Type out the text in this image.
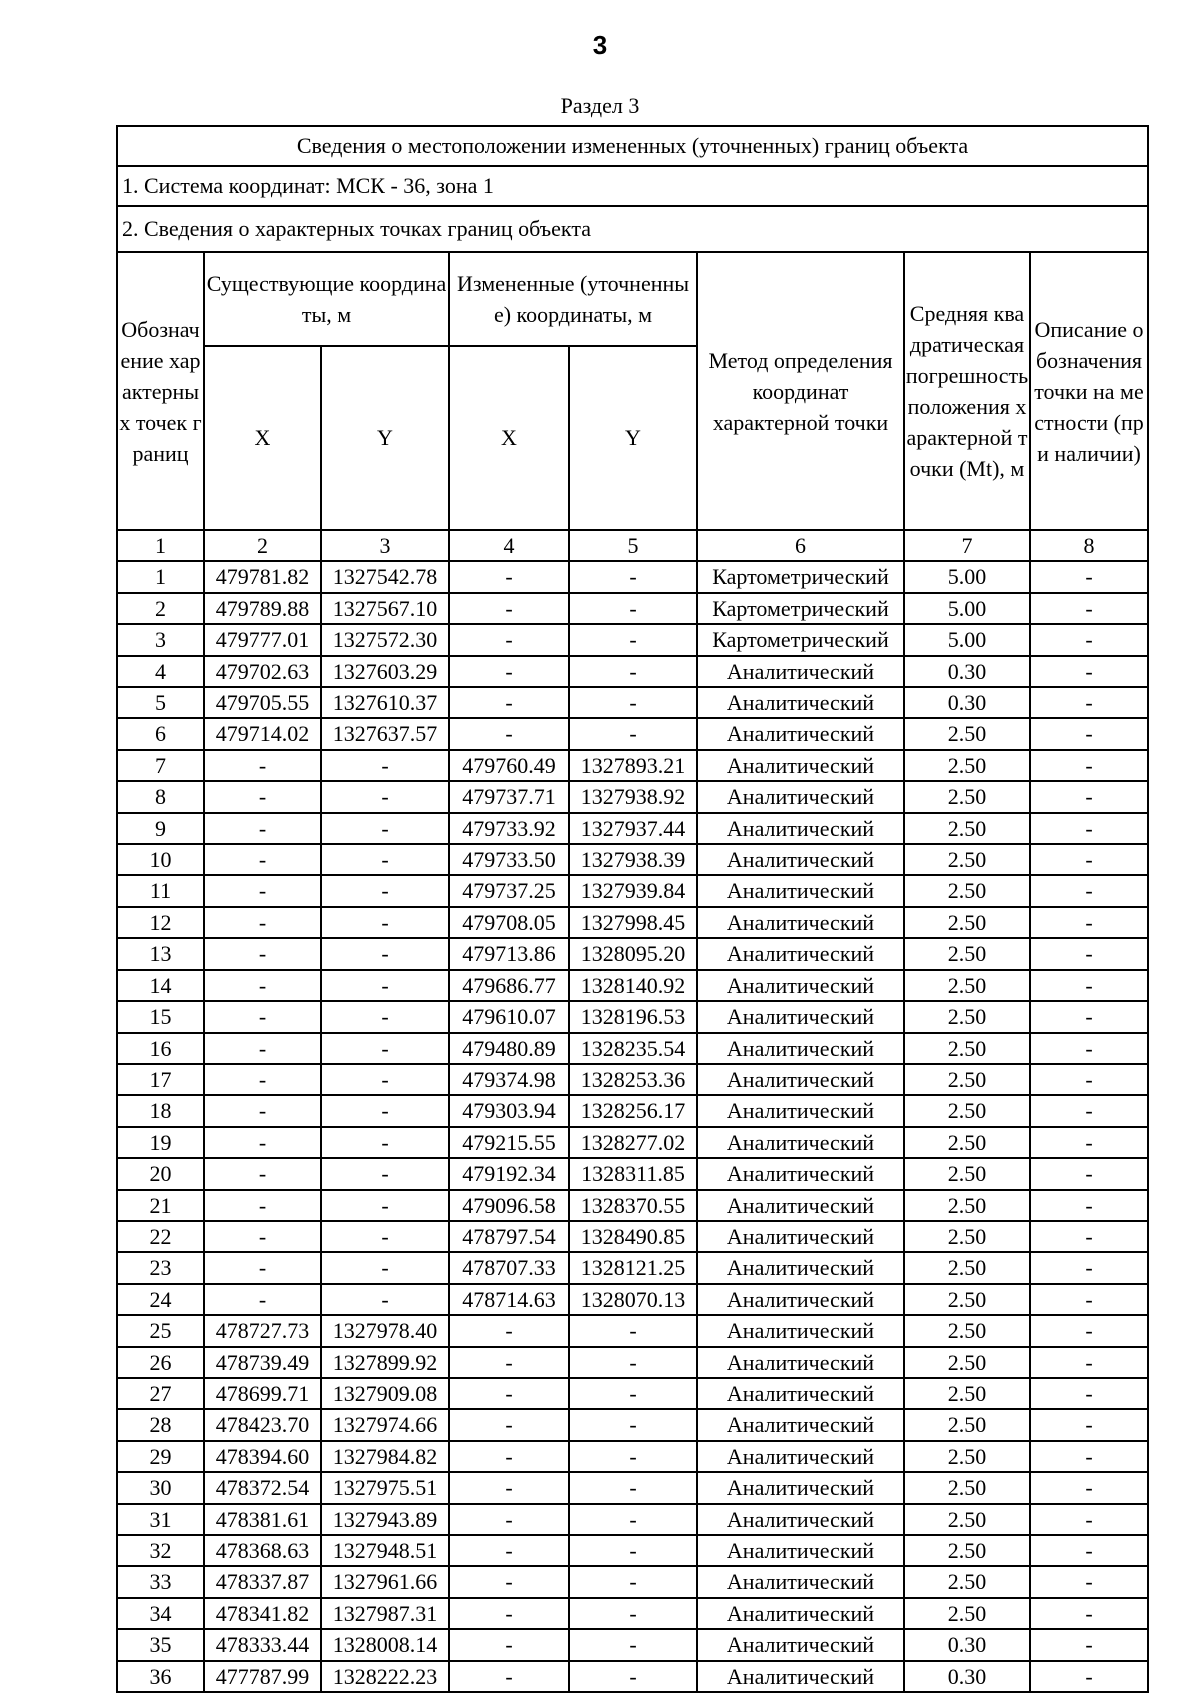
3
Раздел 3
Сведения о местоположении измененных (уточненных) границ объекта							
1. Система координат: МСК - 36, зона 1							
2. Сведения о характерных точках границ объекта							
Обозначение характерных точек границ	Существующие координаты, м		Измененные (уточненные) координаты, м		Метод определения координат характерной точки	Средняя квадратическая погрешность положения характерной точки (Mt), м	Описание обозначения точки на местности (при наличии)
	X	Y	X	Y			
1	2	3	4	5	6	7	8
1	479781.82	1327542.78	-	-	Картометрический	5.00	-
2	479789.88	1327567.10	-	-	Картометрический	5.00	-
3	479777.01	1327572.30	-	-	Картометрический	5.00	-
4	479702.63	1327603.29	-	-	Аналитический	0.30	-
5	479705.55	1327610.37	-	-	Аналитический	0.30	-
6	479714.02	1327637.57	-	-	Аналитический	2.50	-
7	-	-	479760.49	1327893.21	Аналитический	2.50	-
8	-	-	479737.71	1327938.92	Аналитический	2.50	-
9	-	-	479733.92	1327937.44	Аналитический	2.50	-
10	-	-	479733.50	1327938.39	Аналитический	2.50	-
11	-	-	479737.25	1327939.84	Аналитический	2.50	-
12	-	-	479708.05	1327998.45	Аналитический	2.50	-
13	-	-	479713.86	1328095.20	Аналитический	2.50	-
14	-	-	479686.77	1328140.92	Аналитический	2.50	-
15	-	-	479610.07	1328196.53	Аналитический	2.50	-
16	-	-	479480.89	1328235.54	Аналитический	2.50	-
17	-	-	479374.98	1328253.36	Аналитический	2.50	-
18	-	-	479303.94	1328256.17	Аналитический	2.50	-
19	-	-	479215.55	1328277.02	Аналитический	2.50	-
20	-	-	479192.34	1328311.85	Аналитический	2.50	-
21	-	-	479096.58	1328370.55	Аналитический	2.50	-
22	-	-	478797.54	1328490.85	Аналитический	2.50	-
23	-	-	478707.33	1328121.25	Аналитический	2.50	-
24	-	-	478714.63	1328070.13	Аналитический	2.50	-
25	478727.73	1327978.40	-	-	Аналитический	2.50	-
26	478739.49	1327899.92	-	-	Аналитический	2.50	-
27	478699.71	1327909.08	-	-	Аналитический	2.50	-
28	478423.70	1327974.66	-	-	Аналитический	2.50	-
29	478394.60	1327984.82	-	-	Аналитический	2.50	-
30	478372.54	1327975.51	-	-	Аналитический	2.50	-
31	478381.61	1327943.89	-	-	Аналитический	2.50	-
32	478368.63	1327948.51	-	-	Аналитический	2.50	-
33	478337.87	1327961.66	-	-	Аналитический	2.50	-
34	478341.82	1327987.31	-	-	Аналитический	2.50	-
35	478333.44	1328008.14	-	-	Аналитический	0.30	-
36	477787.99	1328222.23	-	-	Аналитический	0.30	-
